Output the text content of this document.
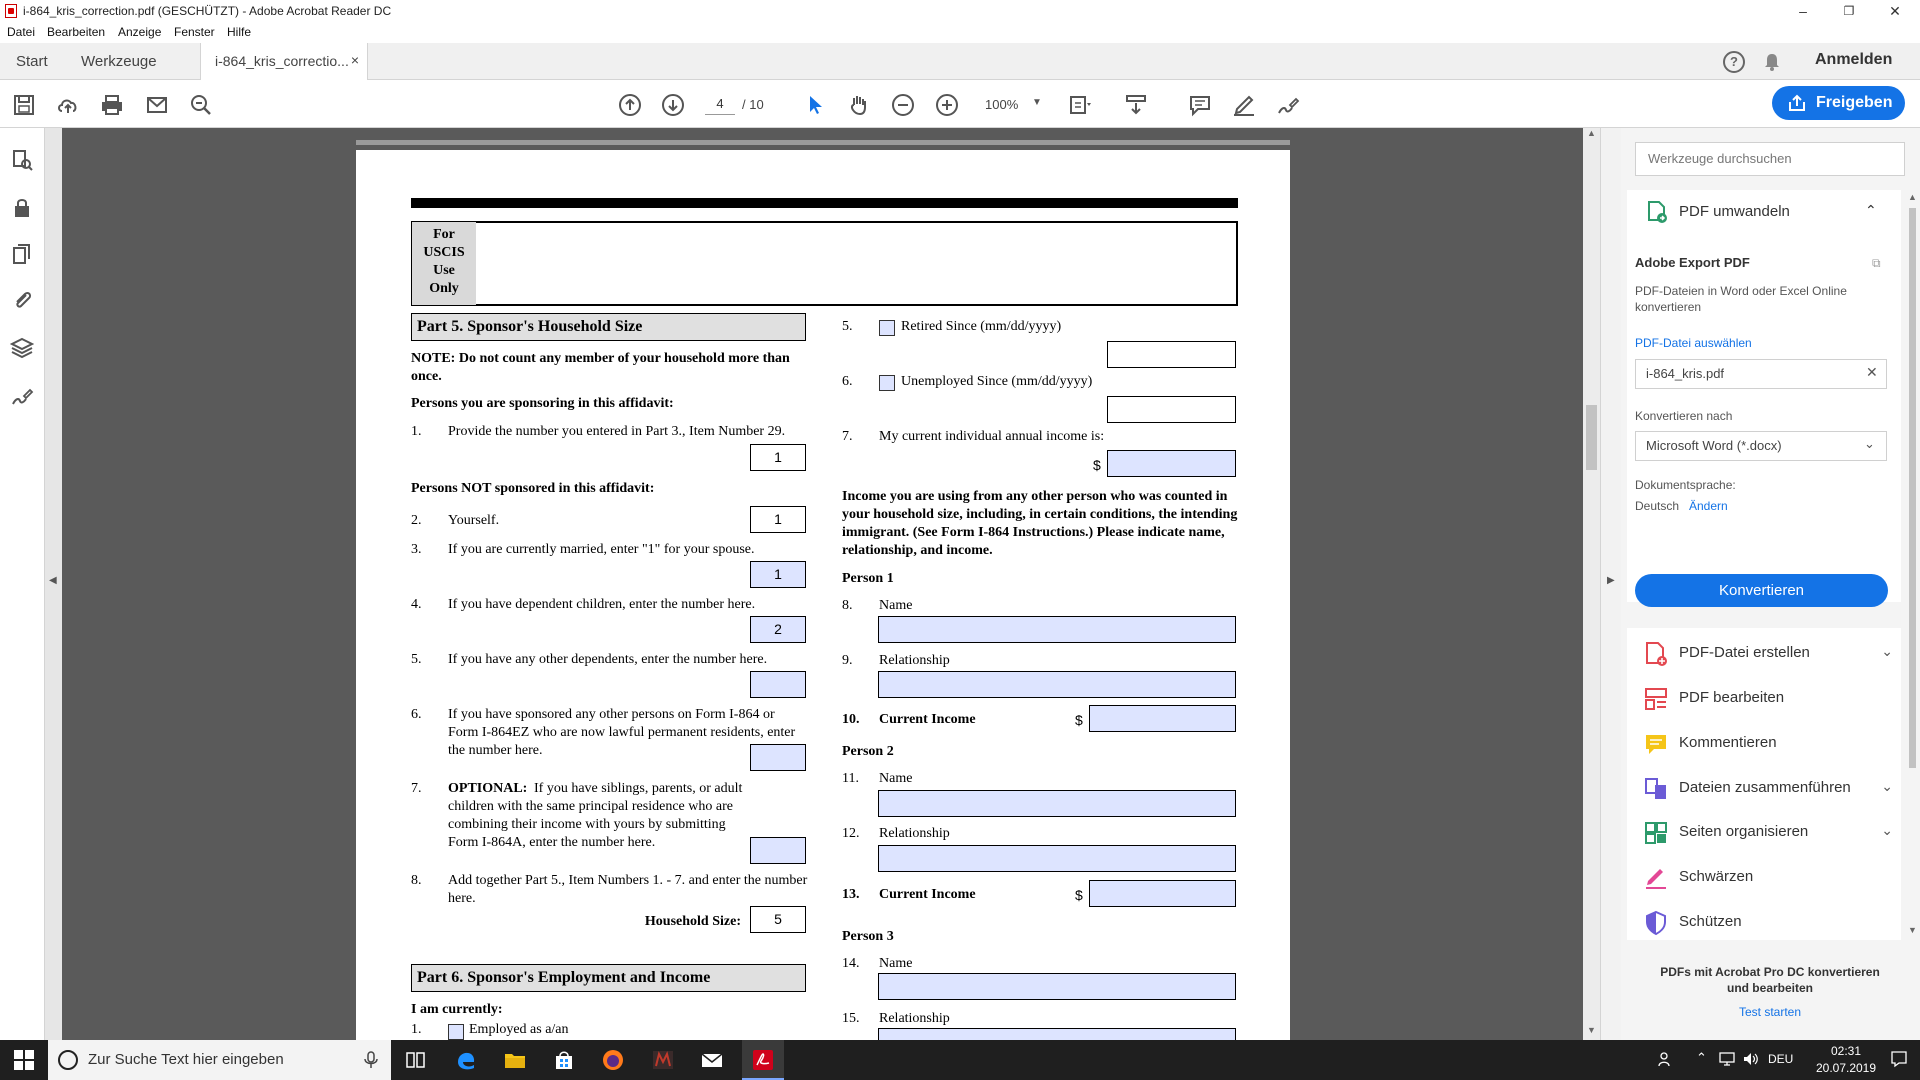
i-864_kris_correction.pdf (GESCHÜTZT) - Adobe Acrobat Reader DC	–	❐	✕
Datei Bearbeiten Anzeige Fenster Hilfe
Start Werkzeuge	i-864_kris_correctio... ×	?	Anmelden
4	/ 10	100% ▼	Freigeben
◀
For
USCIS
Use
Only
Part 5. Sponsor's Household Size
NOTE: Do not count any member of your household more than once.
Persons you are sponsoring in this affidavit:
1. Provide the number you entered in Part 3., Item Number 29.
1
Persons NOT sponsored in this affidavit:
2. Yourself.	1
3. If you are currently married, enter "1" for your spouse.
1
4. If you have dependent children, enter the number here.
2
5. If you have any other dependents, enter the number here.
6. If you have sponsored any other persons on Form I-864 or Form I-864EZ who are now lawful permanent residents, enter the number here.
7. OPTIONAL: If you have siblings, parents, or adult children with the same principal residence who are combining their income with yours by submitting Form I-864A, enter the number here.
8. Add together Part 5., Item Numbers 1. - 7. and enter the number here.
Household Size:	5
Part 6. Sponsor's Employment and Income
I am currently:
1.	Employed as a/an
5.	Retired Since (mm/dd/yyyy)
6.	Unemployed Since (mm/dd/yyyy)
7. My current individual annual income is:
$
Income you are using from any other person who was counted in your household size, including, in certain conditions, the intending immigrant. (See Form I-864 Instructions.) Please indicate name, relationship, and income.
Person 1
8. Name
9. Relationship
10. Current Income	$
Person 2
11. Name
12. Relationship
13. Current Income	$
Person 3
14. Name
15. Relationship
▲
▼
▶
Werkzeuge durchsuchen
PDF umwandeln	⌃
Adobe Export PDF	⧉
PDF-Dateien in Word oder Excel Online konvertieren
PDF-Datei auswählen
i-864_kris.pdf	✕
Konvertieren nach
Microsoft Word (*.docx)	⌄
Dokumentsprache:
Deutsch Ändern
Konvertieren
PDF-Datei erstellen	⌄
PDF bearbeiten
Kommentieren
Dateien zusammenführen ⌄
Seiten organisieren	⌄
Schwärzen
Schützen
▲
▼
PDFs mit Acrobat Pro DC konvertieren und bearbeiten
Test starten
Zur Suche Text hier eingeben	⌃	DEU
02:31
20.07.2019
